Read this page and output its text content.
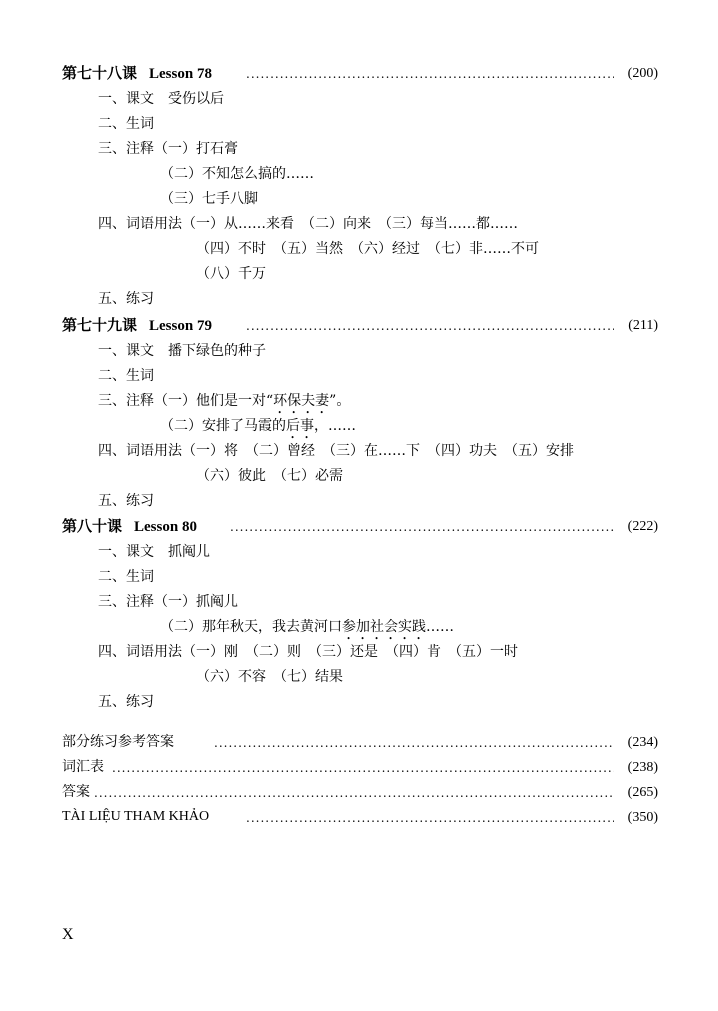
第七十八课 Lesson 78 .....	(200)
一、课文　受伤以后
二、生词
三、注释（一）打石膏
（二）不知怎么搞的……
（三）七手八脚
四、词语用法（一）从……来看　（二）向来　（三）每当……都……
（四）不时　（五）当然　（六）经过　（七）非……不可
（八）千万
五、练习
第七十九课 Lesson 79 .....	(211)
一、课文　播下绿色的种子
二、生词
三、注释（一）他们是一对“环保夫妻”。
（二）安排了马霞的后事，……
四、词语用法（一）将　（二）曾经　（三）在……下　（四）功夫　（五）安排
（六）彼此　（七）必需
五、练习
第八十课 Lesson 80 .....	(222)
一、课文　抓阄儿
二、生词
三、注释（一）抓阄儿
（二）那年秋天，我去黄河口参加社会实践……
四、词语用法（一）刚　（二）则　（三）还是　（四）肯　（五）一时
（六）不容　（七）结果
五、练习
部分练习参考答案 .....	(234)
词汇表 .....	(238)
答案 .....	(265)
TÀI LIỆU THAM KHẢO .....	(350)
X
